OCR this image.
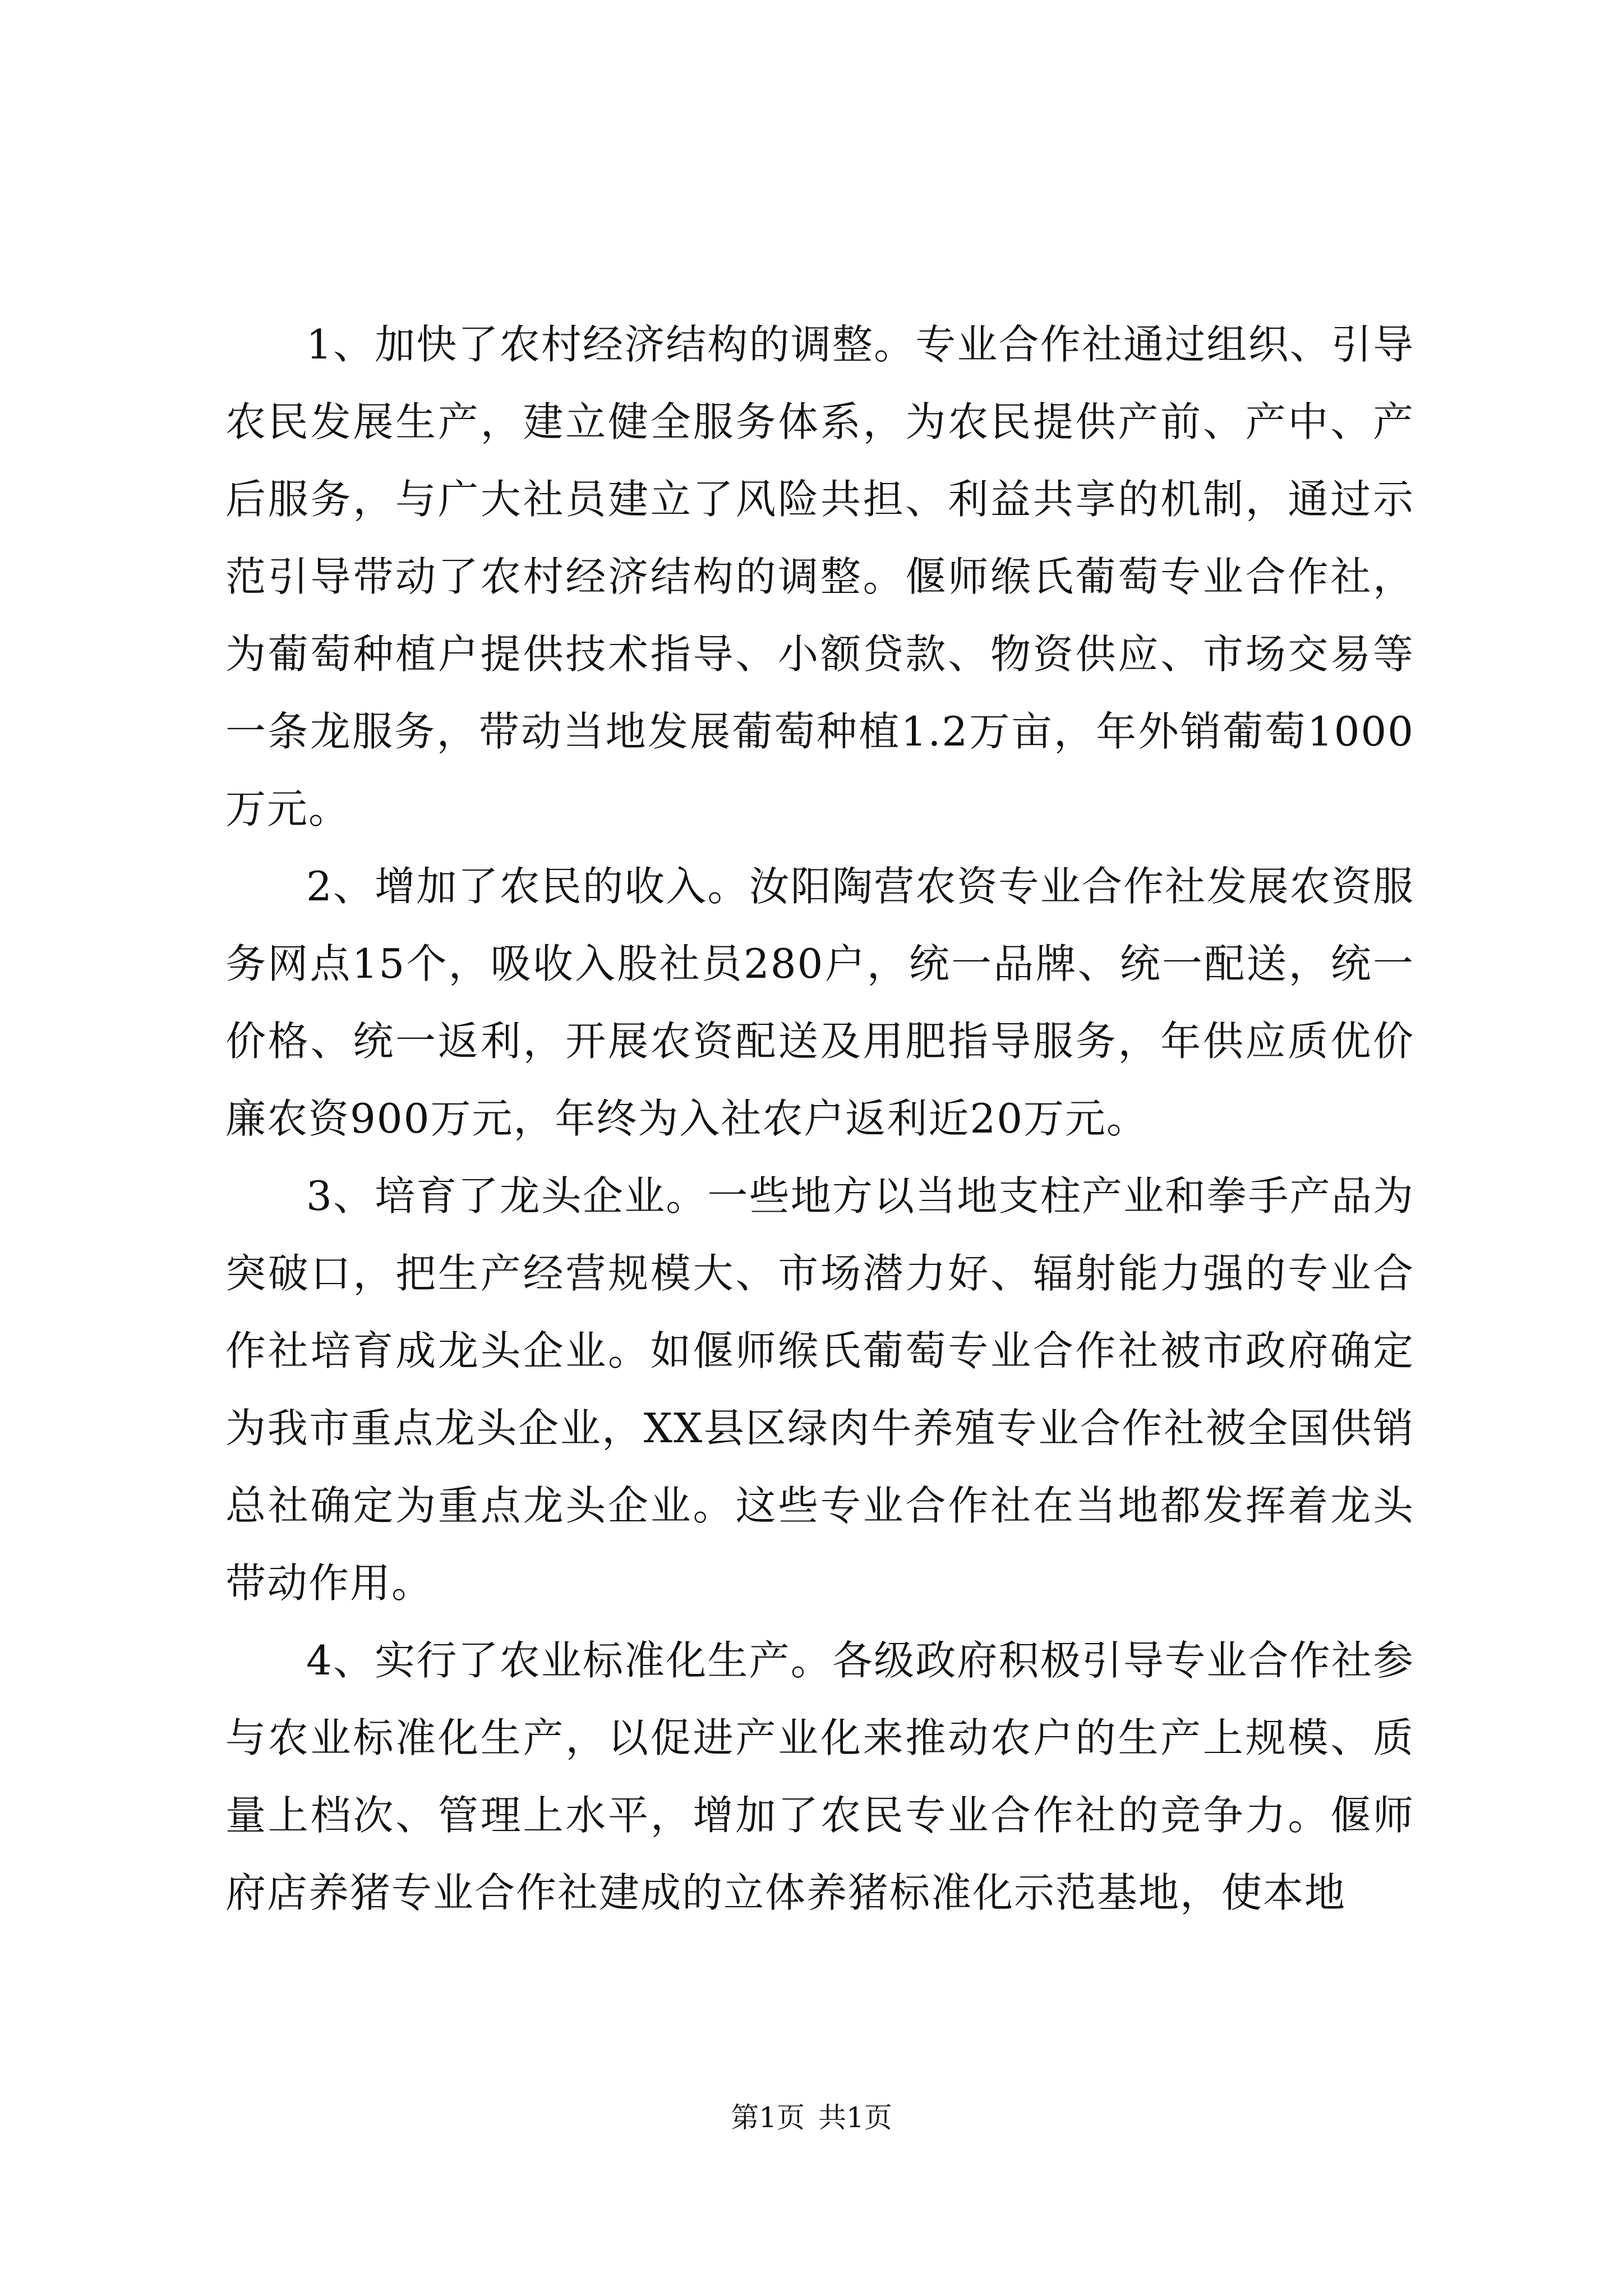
1、加快了农村经济结构的调整。专业合作社通过组织、引导农民发展生产，建立健全服务体系，为农民提供产前、产中、产后服务，与广大社员建立了风险共担、利益共享的机制，通过示范引导带动了农村经济结构的调整。偃师缑氏葡萄专业合作社，为葡萄种植户提供技术指导、小额贷款、物资供应、市场交易等一条龙服务，带动当地发展葡萄种植1.2万亩，年外销葡萄1000万元。

2、增加了农民的收入。汝阳陶营农资专业合作社发展农资服务网点15个，吸收入股社员280户，统一品牌、统一配送，统一价格、统一返利，开展农资配送及用肥指导服务，年供应质优价廉农资900万元，年终为入社农户返利近20万元。

3、培育了龙头企业。一些地方以当地支柱产业和拳手产品为突破口，把生产经营规模大、市场潜力好、辐射能力强的专业合作社培育成龙头企业。如偃师缑氏葡萄专业合作社被市政府确定为我市重点龙头企业，XX县区绿肉牛养殖专业合作社被全国供销总社确定为重点龙头企业。这些专业合作社在当地都发挥着龙头带动作用。

4、实行了农业标准化生产。各级政府积极引导专业合作社参与农业标准化生产，以促进产业化来推动农户的生产上规模、质量上档次、管理上水平，增加了农民专业合作社的竞争力。偃师府店养猪专业合作社建成的立体养猪标准化示范基地，使本地

第1页 共1页
